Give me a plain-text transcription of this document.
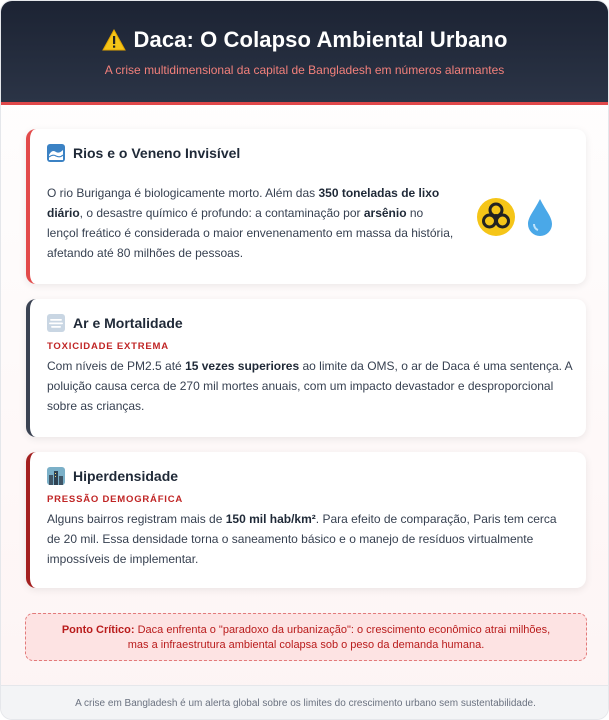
Daca: O Colapso Ambiental Urbano
A crise multidimensional da capital de Bangladesh em números alarmantes
Rios e o Veneno Invisível

O rio Buriganga é biologicamente morto. Além das 350 toneladas de lixo diário, o desastre químico é profundo: a contaminação por arsênio no lençol freático é considerada o maior envenenamento em massa da história, afetando até 80 milhões de pessoas.

Ar e Mortalidade
TOXICIDADE EXTREMA

Com níveis de PM2.5 até 15 vezes superiores ao limite da OMS, o ar de Daca é uma sentença. A poluição causa cerca de 270 mil mortes anuais, com um impacto devastador e desproporcional sobre as crianças.

Hiperdensidade
PRESSÃO DEMOGRÁFICA

Alguns bairros registram mais de 150 mil hab/km². Para efeito de comparação, Paris tem cerca de 20 mil. Essa densidade torna o saneamento básico e o manejo de resíduos virtualmente impossíveis de implementar.

Ponto Crítico: Daca enfrenta o "paradoxo da urbanização": o crescimento econômico atrai milhões, mas a infraestrutura ambiental colapsa sob o peso da demanda humana.
A crise em Bangladesh é um alerta global sobre os limites do crescimento urbano sem sustentabilidade.
